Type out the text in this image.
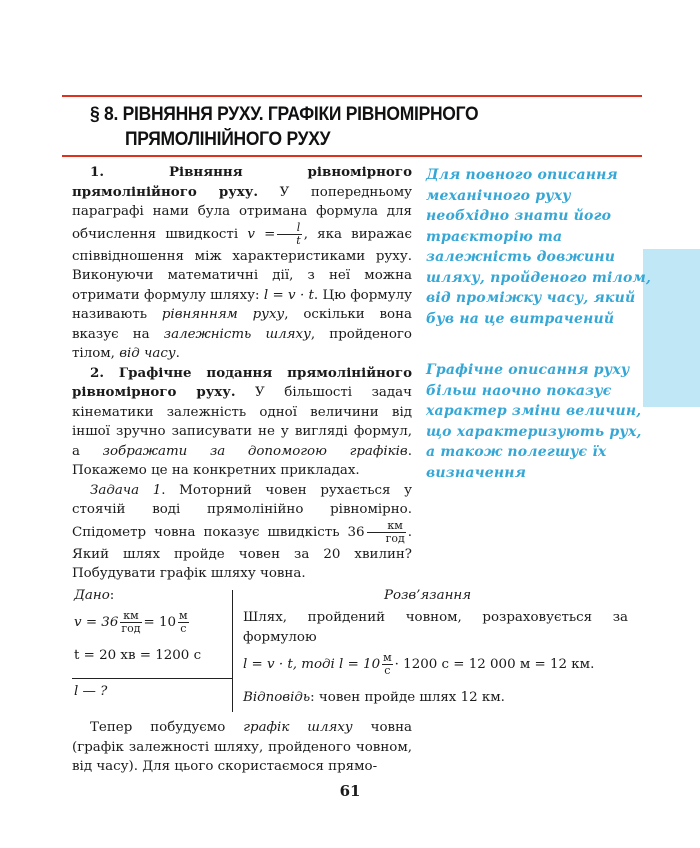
§ 8. РІВНЯННЯ РУХУ. ГРАФІКИ РІВНОМІРНОГО
ПРЯМОЛІНІЙНОГО РУХУ

1. Рівняння рівномірного прямолінійного руху. У попередньому параграфі нами була отримана формула для обчислення швидкості $v = \frac{l}{t}$ , яка виражає співвідношення між характеристиками руху. Виконуючи математичні дії, з неї можна отримати формулу шляху: l = v · t. Цю формулу називають рівнянням руху, оскільки вона вказує на залежність шляху, пройденого тілом, від часу.

2. Графічне подання прямолінійного рівномірного руху. У більшості задач кінематики залежність одної величини від іншої зручно записувати не у вигляді формул, а зображати за допомогою графіків. Покажемо це на конкретних прикладах.

Задача 1. Моторний човен рухається у стоячій воді прямолінійно рівномірно. Спідометр човна показує швидкість $36 \frac{км}{\text{год}}$ . Який шлях пройде човен за 20 хвилин? Побудувати графік шляху човна.

Для повного описання механічного руху необхідно знати його траєкторію та залежність довжини шляху, пройденого тілом, від проміжку часу, який був на це витрачений
Графічне описання руху більш наочно показує характер зміни величин, що характеризують рух, а також полегшує їх визначення
Дано:
$v = 36 \frac{км}{\text{год}} = 10 \frac{м}{с}$
t = 20 хв = 1200 с
l — ?
Розв’язання
Шлях, пройдений човном, розраховується за формулою
l = v · t, тоді $l = 10 \frac{м}{с} \cdot 1200$ с = 12 000 м = 12 км.
Відповідь: човен пройде шлях 12 км.

Тепер побудуємо графік шляху човна (графік залежності шляху, пройденого човном, від часу). Для цього скористаємося прямо-

61
